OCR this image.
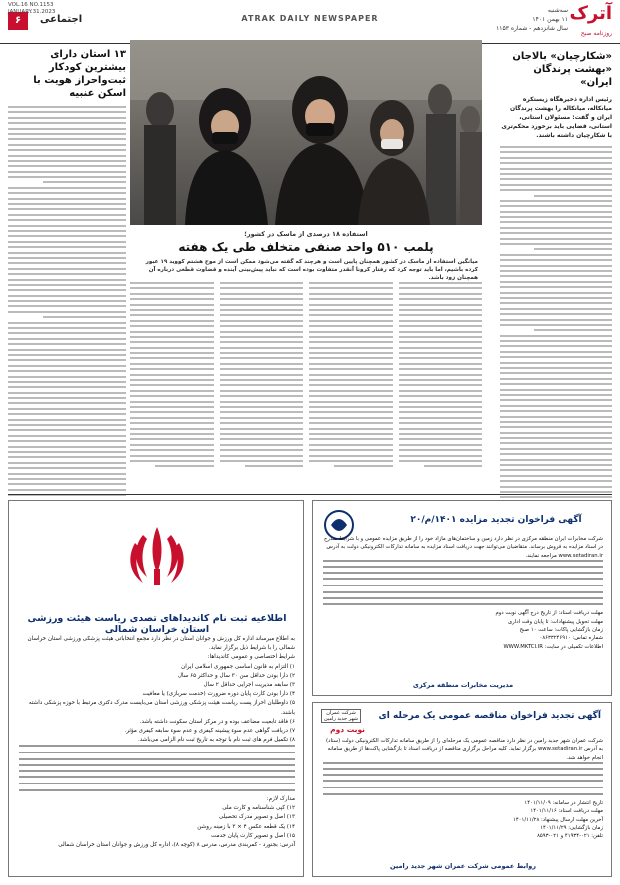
آترک
روزنامه صبح
سه‌شنبه
۱۱ بهمن ۱۴۰۱
سال شانزدهم - شماره ۱۱۵۳
ATRAK DAILY NEWSPAPER
اجتماعی
۶
VOL.16 NO.1153
JANUARY.31.2023
«شکارچیان» بالاجان «بهشت پرندگان ایران»
رئیس اداره ذخیرهگاه زیستکره میانکاله، میانکاله را بهشت پرندگان ایران و گفت: مسئولان استانی، استانی، قضایی باید برخورد محکم‌تری با شکارچیان داشته باشند.
۱۳ استان دارای بیشترین کودکار ثبت‌واحراز هویت با اسکن عنبیه
استفاده ۱۸ درصدی از ماسک در کشور؛
پلمب ۵۱۰ واحد صنفی متخلف طی یک هفته
میانگین استفاده از ماسک در کشور همچنان پایین است و هرچند که گفته می‌شود ممکن است از موج هشتم کووید ۱۹ عبور کرده باشیم، اما باید توجه کرد که رفتار کرونا آنقدر متفاوت بوده است که نباید پیش‌بینی آینده و قضاوت قطعی درباره آن همچنان زود باشد.
اطلاعیه ثبت نام کاندیداهای تصدی ریاست هیئت ورزشی استان خراسان شمالی
به اطلاع میرساند اداره کل ورزش و جوانان استان در نظر دارد مجمع انتخاباتی هیئت پزشکی ورزشی استان خراسان شمالی را با شرایط ذیل برگزار نماید.
شرایط اختصاصی و عمومی کاندیداها:
۱) التزام به قانون اساسی جمهوری اسلامی ایران
۲) دارا بودن حداقل سن ۳۰ سال و حداکثر ۶۵ سال
۳) سابقه مدیریت اجرایی حداقل ۲ سال
۴) دارا بودن کارت پایان دوره ضرورت (خدمت سربازی) یا معافیت
۵) داوطلبان احراز پست ریاست هیئت پزشکی ورزشی استان می‌بایست مدرک دکتری مرتبط با حوزه پزشکی داشته باشند.
۶) فاقد تابعیت مضاعف بوده و در مرکز استان سکونت داشته باشد.
۷) دریافت گواهی عدم سوء پیشینه کیفری و عدم سوء سابقه کیفری مؤثر.
۸) تکمیل فرم های ثبت نام با توجه به تاریخ ثبت نام الزامی می‌باشد.
مدارک لازم:
۱۲) کپی شناسنامه و کارت ملی
۱۳) اصل و تصویر مدرک تحصیلی
۱۴) یک قطعه عکس ۴ × ۳ با زمینه روشن
۱۵) اصل و تصویر کارت پایان خدمت
آدرس: بجنورد - کمربندی مدرس، مدرس ۸ (کوچه ۸)، اداره کل ورزش و جوانان استان خراسان شمالی
آگهی فراخوان تجدید مزایده ۱۴۰۱/م/۲۰
شرکت مخابرات ایران منطقه مرکزی در نظر دارد زمین و ساختمان‌های مازاد خود را از طریق مزایده عمومی و با شرایط مندرج در اسناد مزایده به فروش برساند. متقاضیان می‌توانند جهت دریافت اسناد مزایده به سامانه تدارکات الکترونیکی دولت به آدرس www.setadiran.ir مراجعه نمایند.
مهلت دریافت اسناد: از تاریخ درج آگهی نوبت دوم
مهلت تحویل پیشنهادات: تا پایان وقت اداری
زمان بازگشایی پاکات: ساعت ۱۰ صبح
شماره تماس: ۰۸۶۳۳۲۴۶۹۱۰
اطلاعات تکمیلی در سایت: WWW.MKTCI.IR
مدیریت مخابرات منطقه مرکزی
شرکت عمران شهر جدید رامین	آگهی تجدید فراخوان مناقصه عمومی یک مرحله ای
نوبت دوم
شرکت عمران شهر جدید رامین در نظر دارد مناقصه عمومی یک مرحله‌ای را از طریق سامانه تدارکات الکترونیکی دولت (ستاد) به آدرس www.setadiran.ir برگزار نماید. کلیه مراحل برگزاری مناقصه از دریافت اسناد تا بازگشایی پاکت‌ها از طریق سامانه انجام خواهد شد.
تاریخ انتشار در سامانه: ۱۴۰۱/۱۱/۰۹
مهلت دریافت اسناد: ۱۴۰۱/۱۱/۱۶
آخرین مهلت ارسال پیشنهاد: ۱۴۰۱/۱۱/۲۸
زمان بازگشایی: ۱۴۰۱/۱۱/۲۹
تلفن: ۰۲۱-۴۱۹۳۴ و ۰۲۱-۸۵۹۳
روابط عمومی شرکت عمران شهر جدید رامین
